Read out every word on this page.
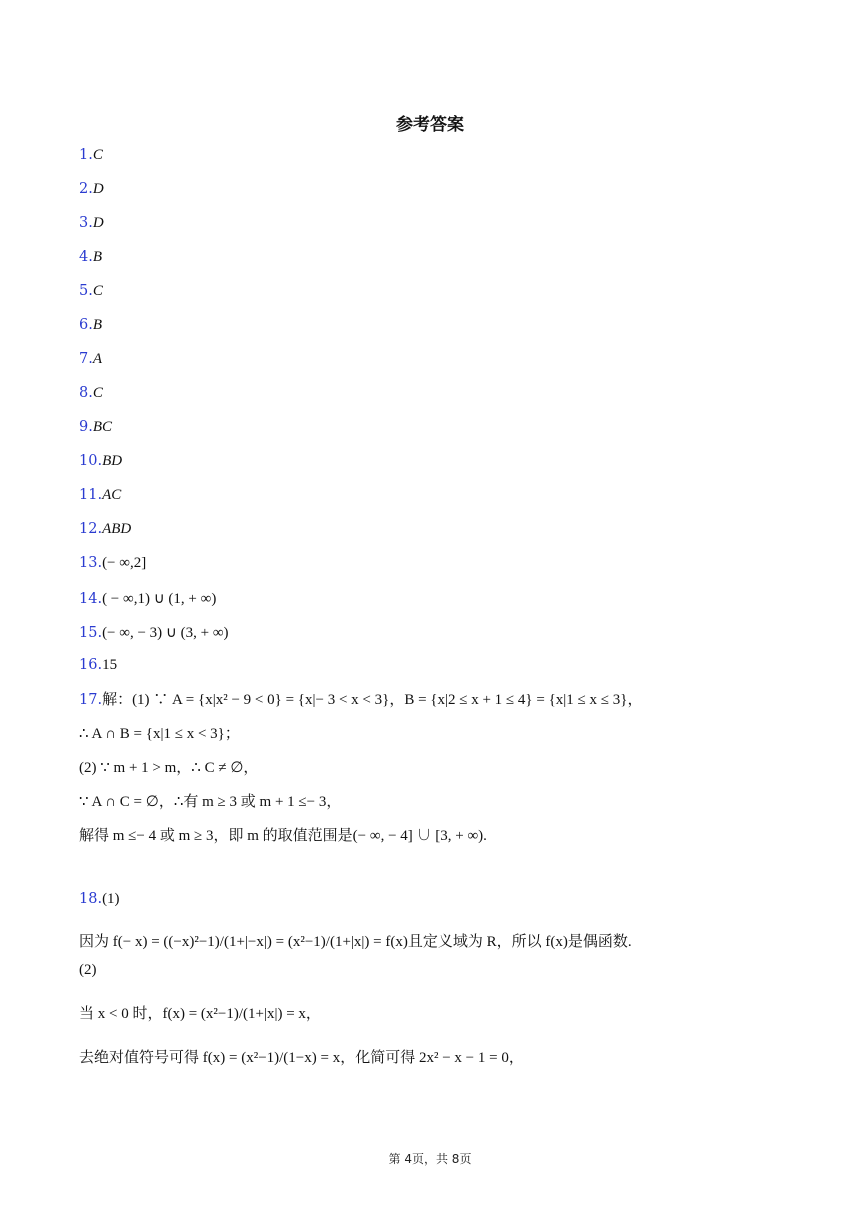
参考答案
1.C
2.D
3.D
4.B
5.C
6.B
7.A
8.C
9.BC
10.BD
11.AC
12.ABD
13.(− ∞,2]
14.( − ∞,1) ∪ (1, + ∞)
15.(− ∞, − 3) ∪ (3, + ∞)
16.15
17.解：(1) ∵ A = {x|x² − 9 < 0} = {x|− 3 < x < 3}，B = {x|2 ≤ x + 1 ≤ 4} = {x|1 ≤ x ≤ 3}，
∴ A ∩ B = {x|1 ≤ x < 3}；
(2) ∵ m + 1 > m，∴ C ≠ ∅，
∵ A ∩ C = ∅，∴有 m ≥ 3 或 m + 1 ≤− 3，
解得 m ≤− 4 或 m ≥ 3，即 m 的取值范围是(− ∞, − 4] ∪ [3, + ∞).
18.(1)
因为 f(− x) = ((−x)²−1)/(1+|−x|) = (x²−1)/(1+|x|) = f(x)且定义域为 R，所以 f(x)是偶函数.
(2)
当 x < 0 时，f(x) = (x²−1)/(1+|x|) = x，
去绝对值符号可得 f(x) = (x²−1)/(1−x) = x，化简可得 2x² − x − 1 = 0，
第 4页，共 8页
